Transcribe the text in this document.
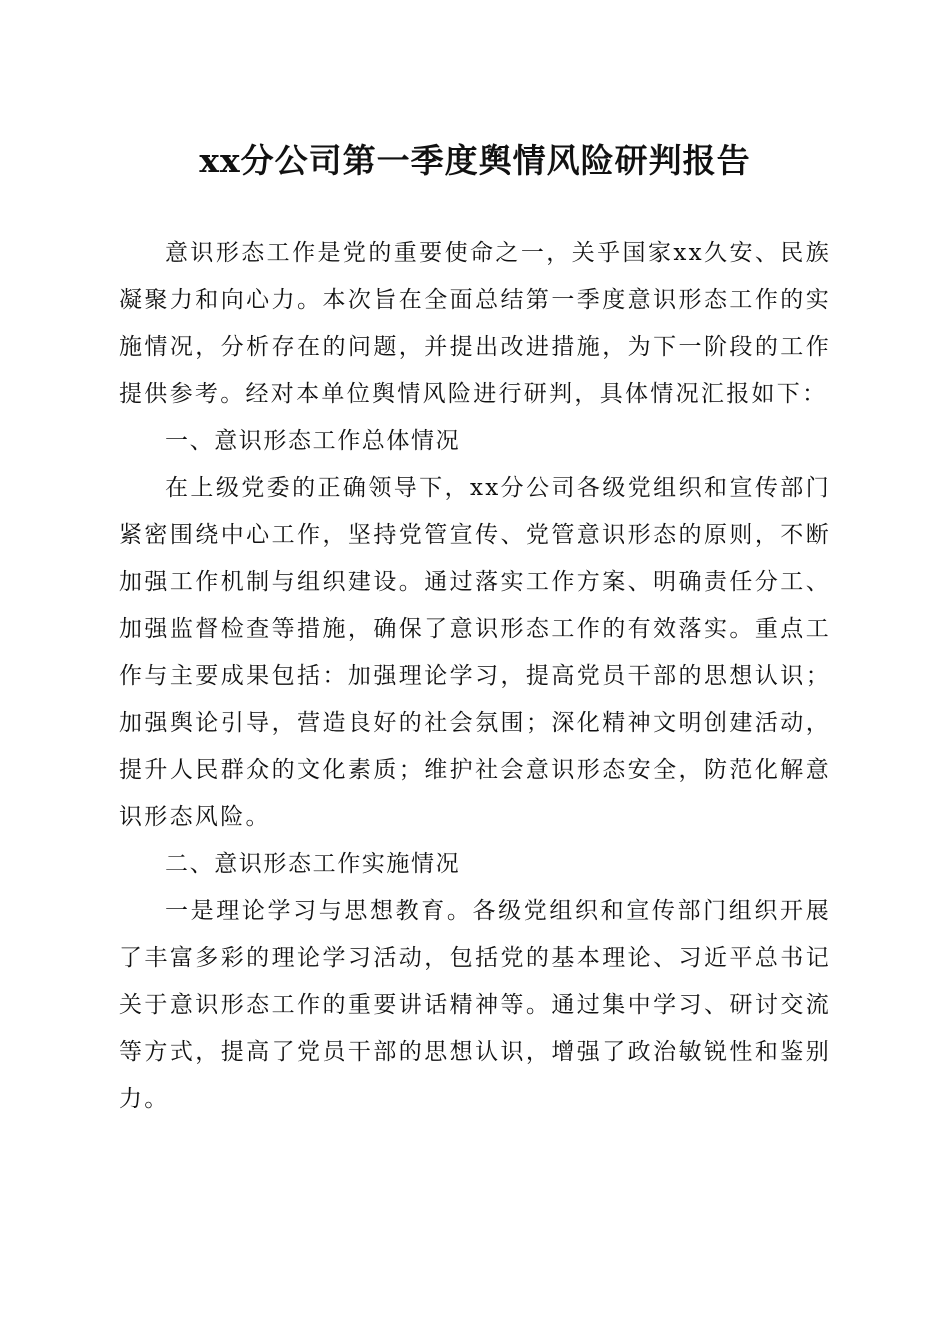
xx分公司第一季度舆情风险研判报告

意识形态工作是党的重要使命之一，关乎国家xx久安、民族凝聚力和向心力。本次旨在全面总结第一季度意识形态工作的实施情况，分析存在的问题，并提出改进措施，为下一阶段的工作提供参考。经对本单位舆情风险进行研判，具体情况汇报如下：

一、意识形态工作总体情况

在上级党委的正确领导下，xx分公司各级党组织和宣传部门紧密围绕中心工作，坚持党管宣传、党管意识形态的原则，不断加强工作机制与组织建设。通过落实工作方案、明确责任分工、加强监督检查等措施，确保了意识形态工作的有效落实。重点工作与主要成果包括：加强理论学习，提高党员干部的思想认识；加强舆论引导，营造良好的社会氛围；深化精神文明创建活动，提升人民群众的文化素质；维护社会意识形态安全，防范化解意识形态风险。

二、意识形态工作实施情况

一是理论学习与思想教育。各级党组织和宣传部门组织开展了丰富多彩的理论学习活动，包括党的基本理论、习近平总书记关于意识形态工作的重要讲话精神等。通过集中学习、研讨交流等方式，提高了党员干部的思想认识，增强了政治敏锐性和鉴别力。
